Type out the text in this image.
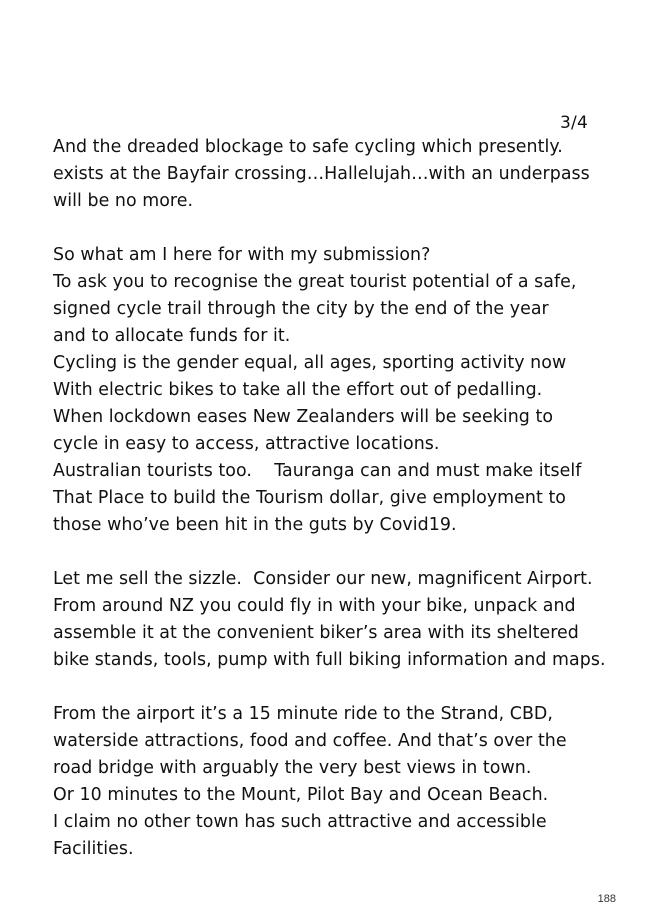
3/4
And the dreaded blockage to safe cycling which presently.
exists at the Bayfair crossing…Hallelujah…with an underpass
will be no more.
So what am I here for with my submission?
To ask you to recognise the great tourist potential of a safe,
signed cycle trail through the city by the end of the year
and to allocate funds for it.
Cycling is the gender equal, all ages, sporting activity now
With electric bikes to take all the effort out of pedalling.
When lockdown eases New Zealanders will be seeking to
cycle in easy to access, attractive locations.
Australian tourists too.    Tauranga can and must make itself
That Place to build the Tourism dollar, give employment to
those who’ve been hit in the guts by Covid19.
Let me sell the sizzle.  Consider our new, magnificent Airport.
From around NZ you could fly in with your bike, unpack and
assemble it at the convenient biker’s area with its sheltered
bike stands, tools, pump with full biking information and maps.
From the airport it’s a 15 minute ride to the Strand, CBD,
waterside attractions, food and coffee. And that’s over the
road bridge with arguably the very best views in town.
Or 10 minutes to the Mount, Pilot Bay and Ocean Beach.
I claim no other town has such attractive and accessible
Facilities.
188
